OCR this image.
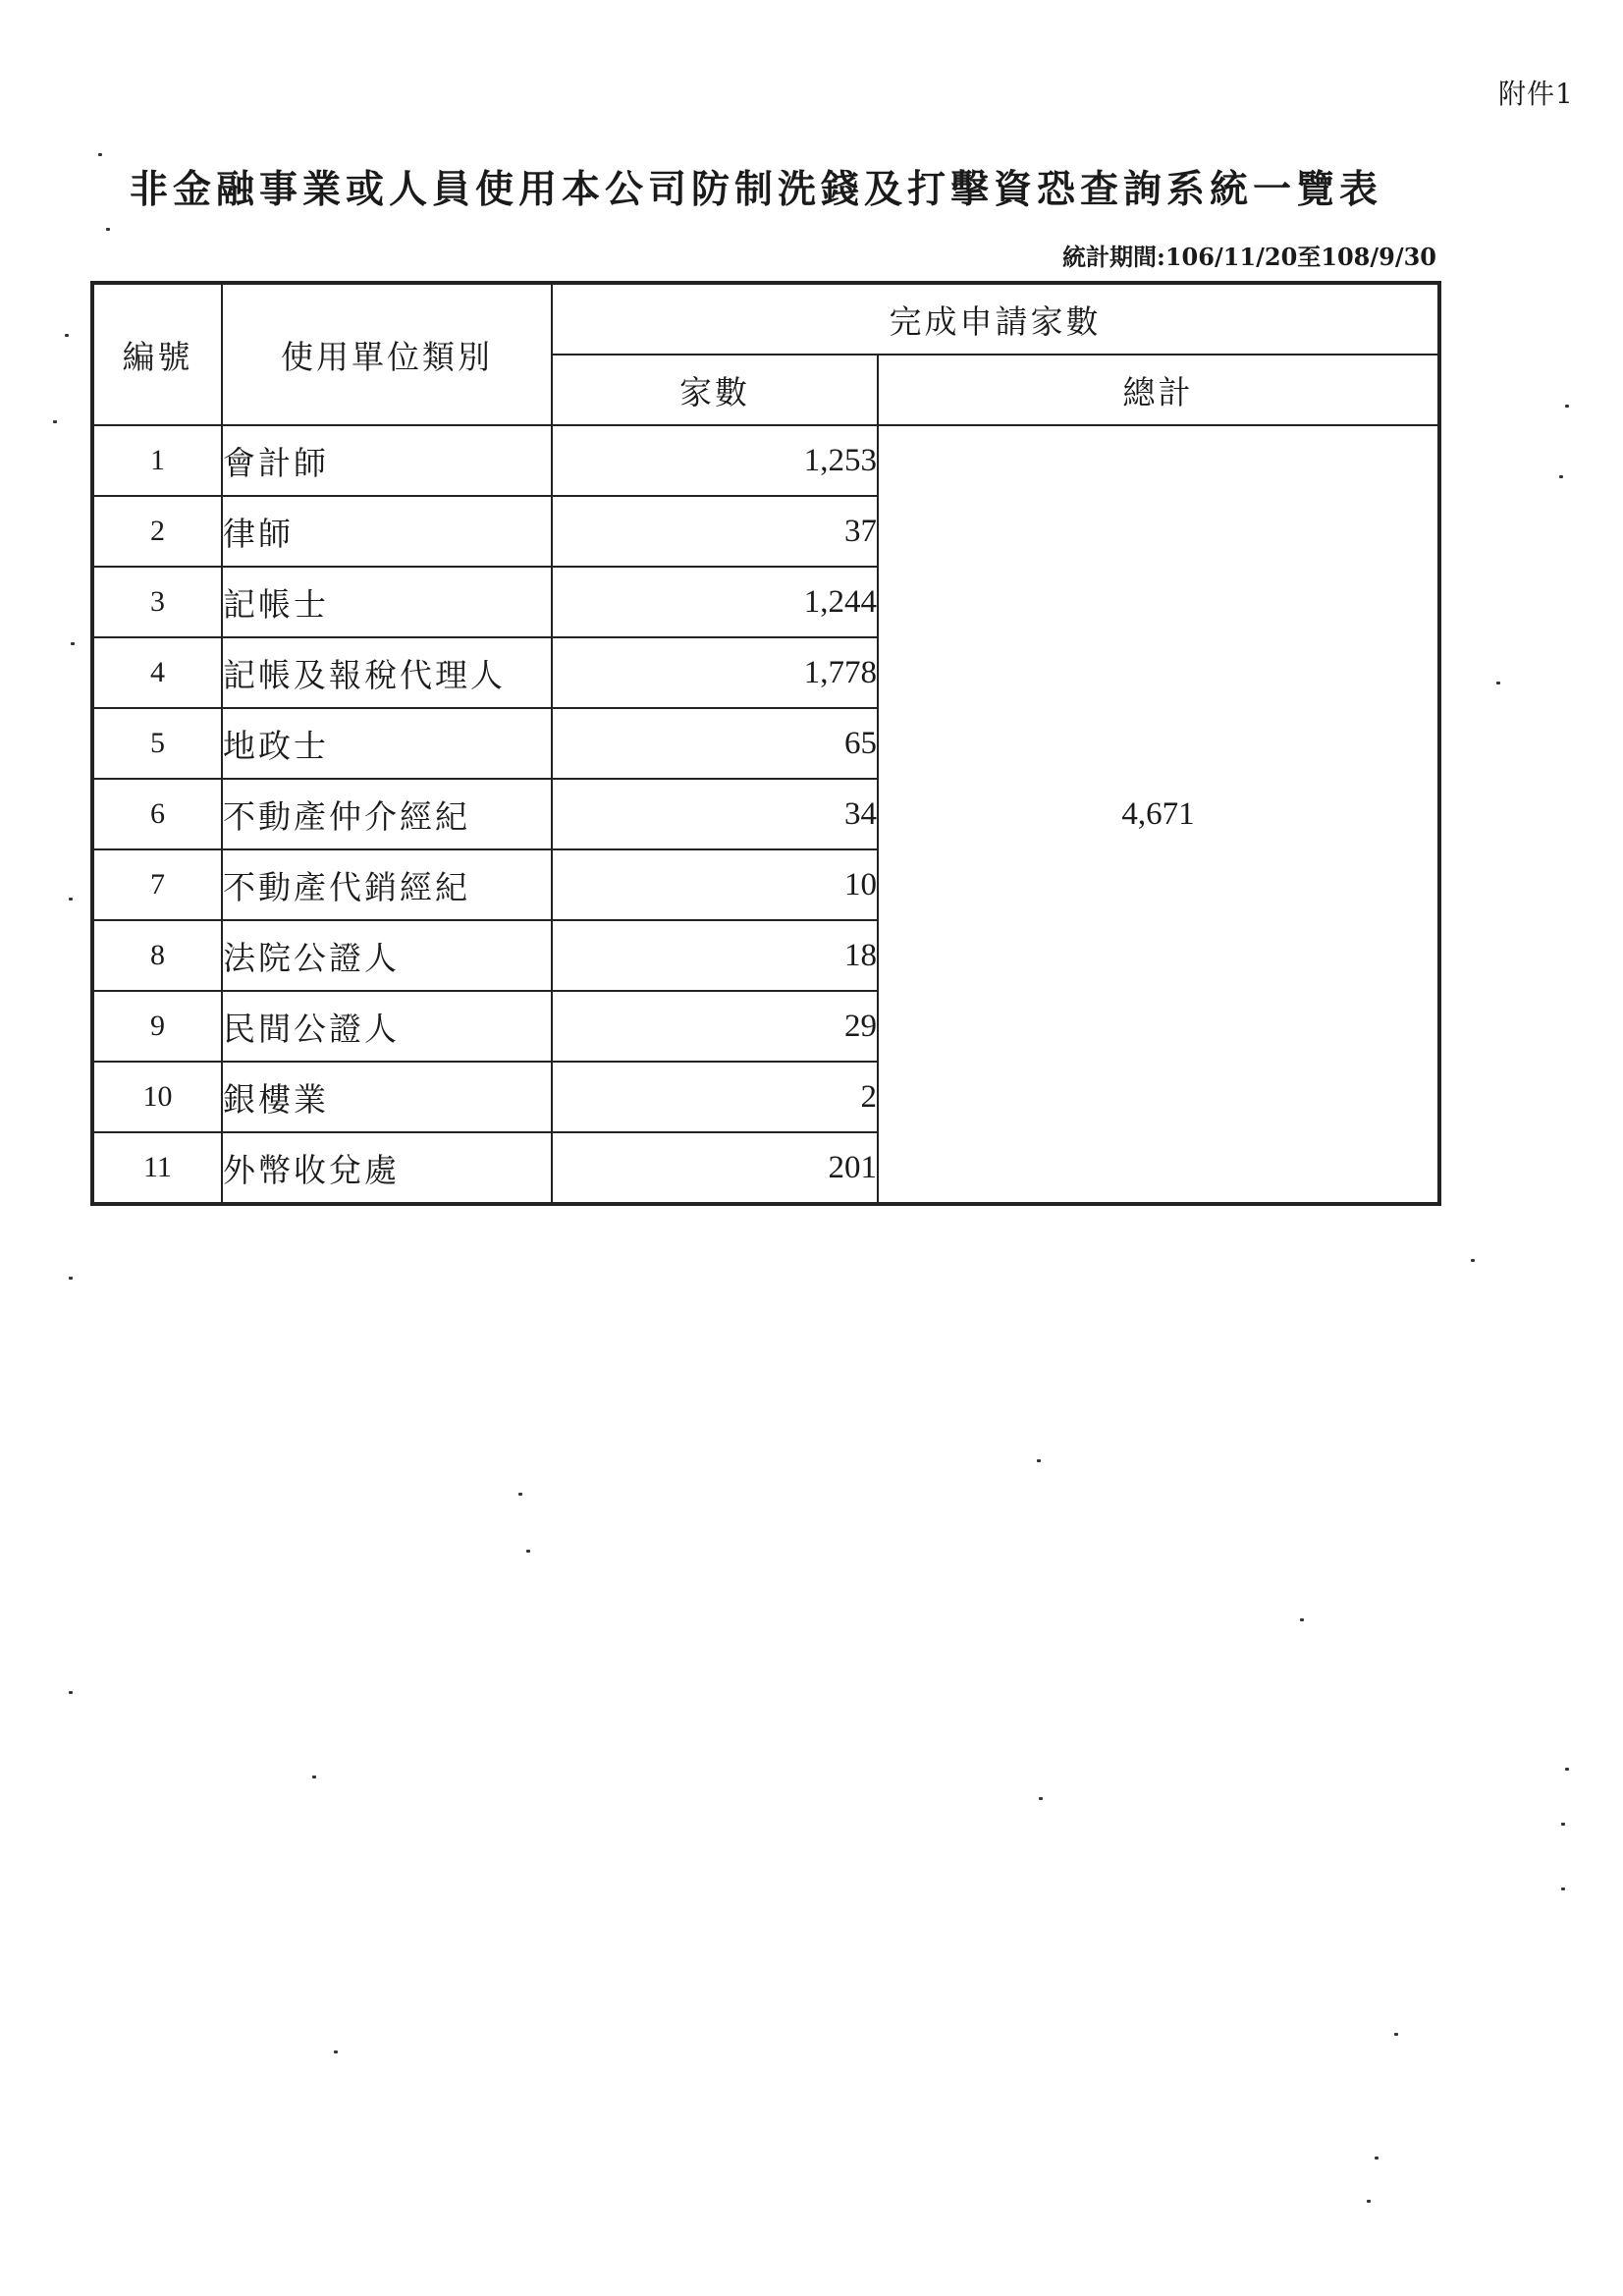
附件1
非金融事業或人員使用本公司防制洗錢及打擊資恐查詢系統一覽表
統計期間:106/11/20至108/9/30
編號	使用單位類別	完成申請家數	
		家數	總計
1	會計師	1,253	4,671
2	律師	37	
3	記帳士	1,244	
4	記帳及報稅代理人	1,778	
5	地政士	65	
6	不動產仲介經紀	34	
7	不動產代銷經紀	10	
8	法院公證人	18	
9	民間公證人	29	
10	銀樓業	2	
11	外幣收兌處	201	
